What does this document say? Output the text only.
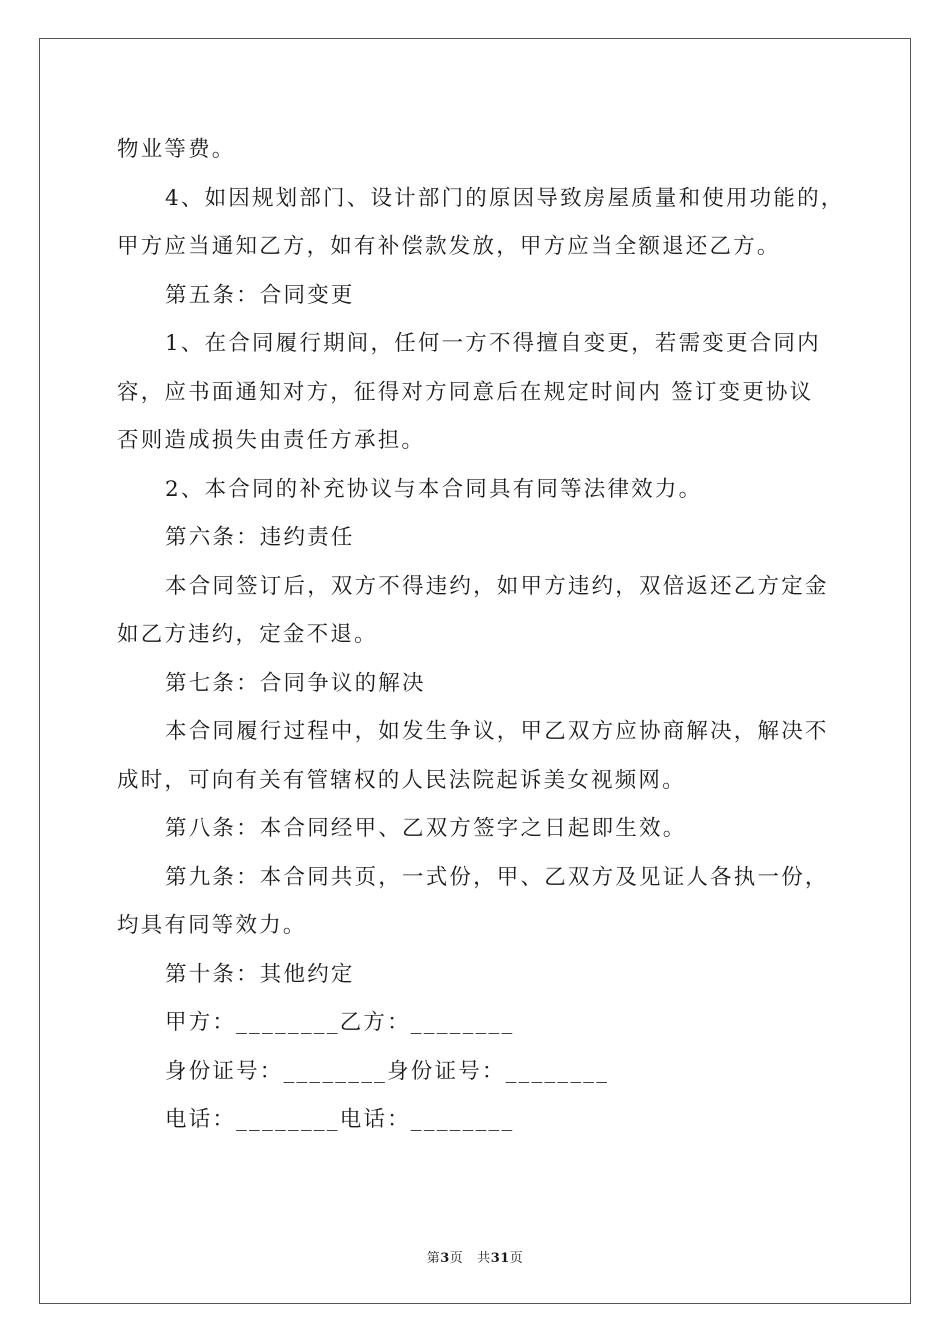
物业等费。
4、如因规划部门、设计部门的原因导致房屋质量和使用功能的，
甲方应当通知乙方，如有补偿款发放，甲方应当全额退还乙方。
第五条：合同变更
1、在合同履行期间，任何一方不得擅自变更，若需变更合同内
容，应书面通知对方，征得对方同意后在规定时间内 签订变更协议
否则造成损失由责任方承担。
2、本合同的补充协议与本合同具有同等法律效力。
第六条：违约责任
本合同签订后，双方不得违约，如甲方违约，双倍返还乙方定金
如乙方违约，定金不退。
第七条：合同争议的解决
本合同履行过程中，如发生争议，甲乙双方应协商解决，解决不
成时，可向有关有管辖权的人民法院起诉美女视频网。
第八条：本合同经甲、乙双方签字之日起即生效。
第九条：本合同共页，一式份，甲、乙双方及见证人各执一份，
均具有同等效力。
第十条：其他约定
甲方：________乙方：________
身份证号：________身份证号：________
电话：________电话：________
第3页 共31页
